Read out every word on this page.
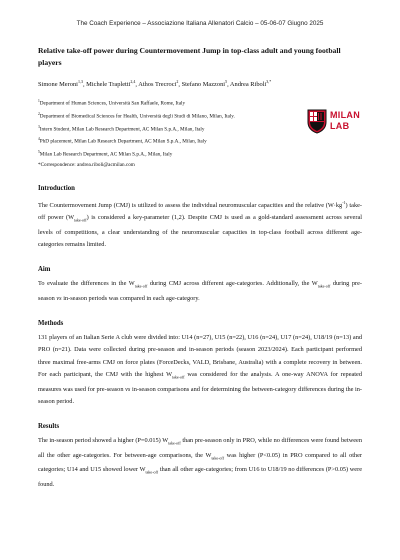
The Coach Experience – Associazione Italiana Allenatori Calcio – 05-06-07 Giugno 2025

Relative take-off power during Countermovement Jump in top-class adult and young football players

Simone Meroni$^{1,3}$, Michele Trapletti$^{2,4}$, Athos Trecroci$^2$, Stefano Mazzoni$^5$, Andrea Riboli$^{3,*}$

$^1$Department of Human Sciences, Università San Raffaele, Rome, Italy

$^2$Department of Biomedical Sciences for Health, Università degli Studi di Milano, Milan, Italy.

$^3$Intern Student, Milan Lab Research Department, AC Milan S.p.A., Milan, Italy

$^4$PhD placement, Milan Lab Research Department, AC Milan S.p.A., Milan, Italy

$^5$Milan Lab Research Department, AC Milan S.p.A., Milan, Italy

*Correspondence: andrea.riboli@acmilan.com

MILAN
LAB
Introduction

The Countermovement Jump (CMJ) is utilized to assess the individual neuromuscular capacities and the relative $(W\cdot kg^{-1})$ take-off power $(W_{take-off})$ is considered a key-parameter (1,2). Despite CMJ is used as a gold-standard assessment across several levels of competitions, a clear understanding of the neuromuscular capacities in top-class football across different age-categories remains limited.

Aim

To evaluate the differences in the $W_{take-off}$ during CMJ across different age-categories. Additionally, the $W_{take-off}$ during pre-season vs in-season periods was compared in each age-category.

Methods

131 players of an Italian Serie A club were divided into: U14 (n=27), U15 (n=22), U16 (n=24), U17 (n=24), U18/19 (n=13) and PRO (n=21). Data were collected during pre-season and in-season periods (season 2023/2024). Each participant performed three maximal free-arms CMJ on force plates (ForceDecks, VALD, Brisbane, Australia) with a complete recovery in between. For each participant, the CMJ with the highest $W_{take-off}$ was considered for the analysis. A one-way ANOVA for repeated measures was used for pre-season vs in-season comparisons and for determining the between-category differences during the in-season period.

Results

The in-season period showed a higher (P=0.015) $W_{take-off}$ than pre-season only in PRO, while no differences were found between all the other age-categories. For between-age comparisons, the $W_{take-off}$ was higher (P<0.05) in PRO compared to all other categories; U14 and U15 showed lower $W_{take-off}$ than all other age-categories; from U16 to U18/19 no differences (P>0.05) were found.
